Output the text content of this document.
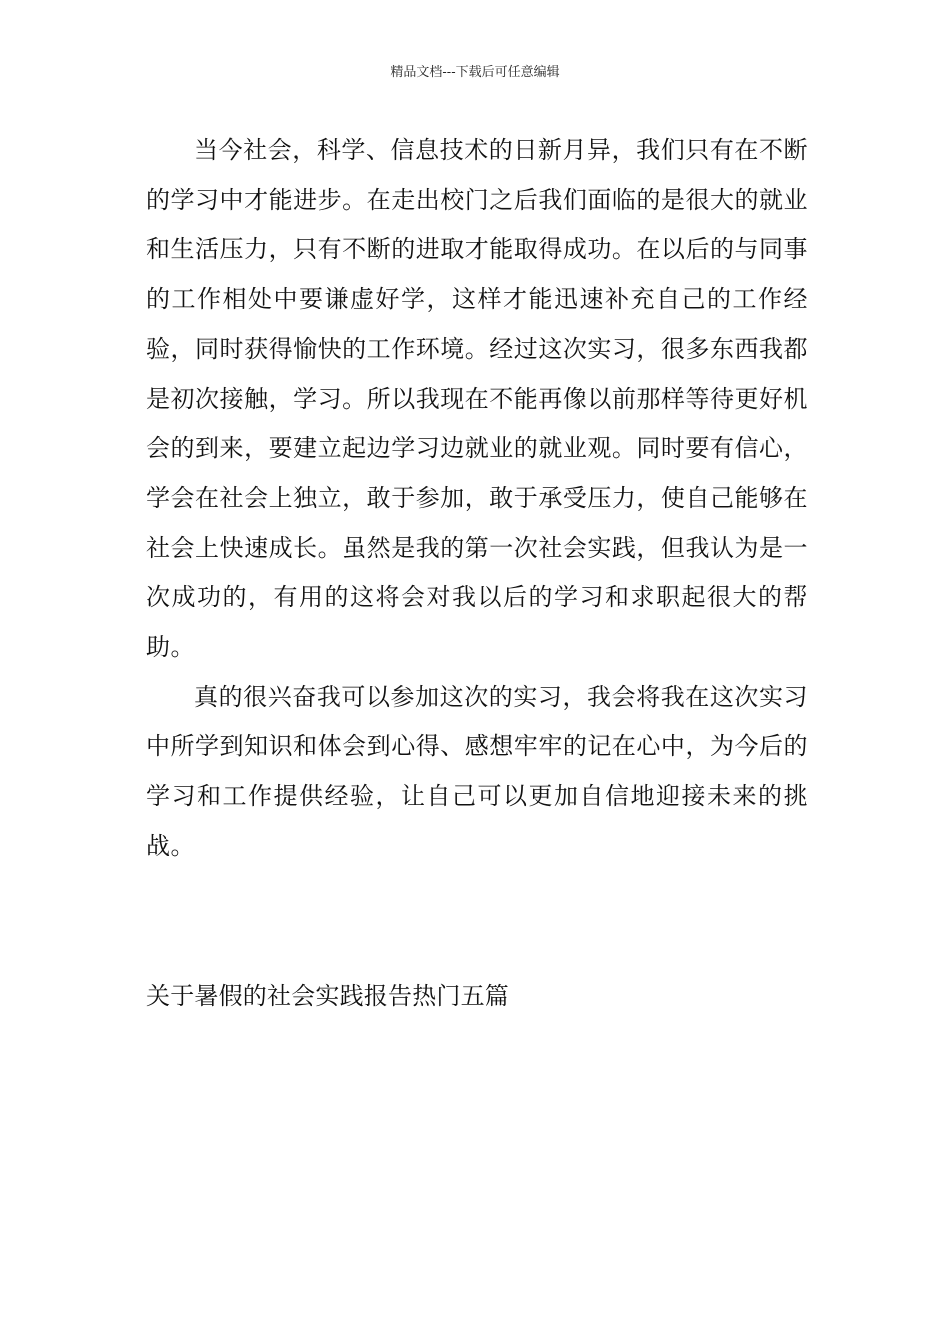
精品文档---下载后可任意编辑

当今社会，科学、信息技术的日新月异，我们只有在不断的学习中才能进步。在走出校门之后我们面临的是很大的就业和生活压力，只有不断的进取才能取得成功。在以后的与同事的工作相处中要谦虚好学，这样才能迅速补充自己的工作经验，同时获得愉快的工作环境。经过这次实习，很多东西我都是初次接触，学习。所以我现在不能再像以前那样等待更好机会的到来，要建立起边学习边就业的就业观。同时要有信心，学会在社会上独立，敢于参加，敢于承受压力，使自己能够在社会上快速成长。虽然是我的第一次社会实践，但我认为是一次成功的，有用的这将会对我以后的学习和求职起很大的帮助。

真的很兴奋我可以参加这次的实习，我会将我在这次实习中所学到知识和体会到心得、感想牢牢的记在心中，为今后的学习和工作提供经验，让自己可以更加自信地迎接未来的挑战。

关于暑假的社会实践报告热门五篇
